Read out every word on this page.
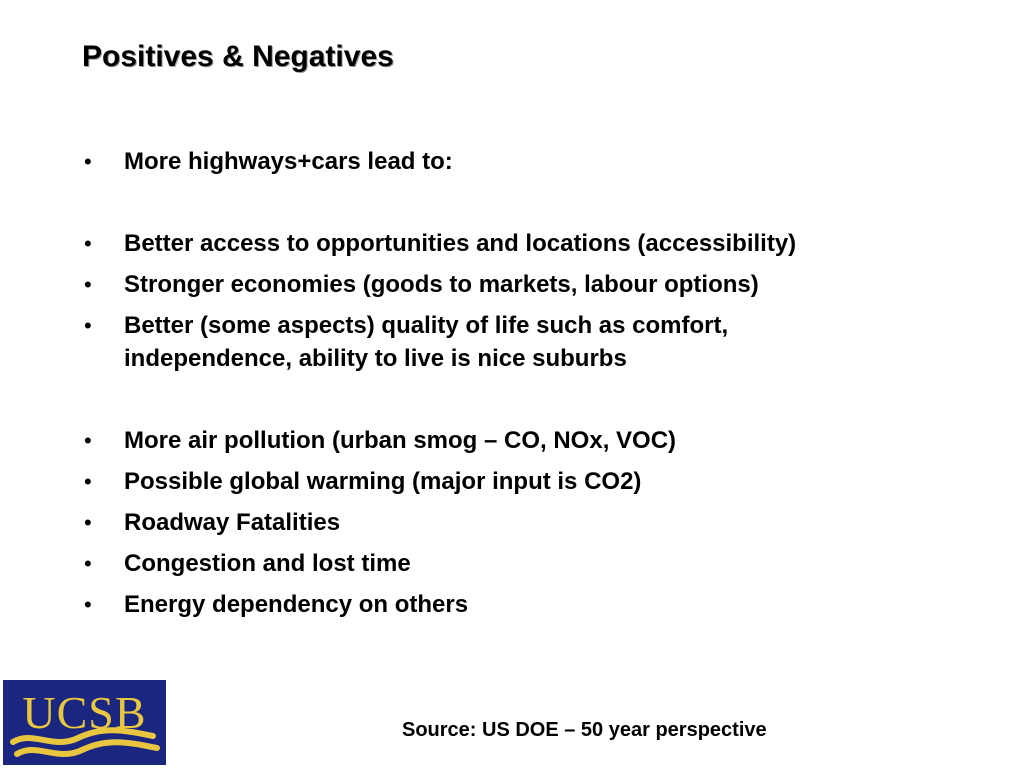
Positives & Negatives
• More highways+cars lead to:
• Better access to opportunities and locations (accessibility)
• Stronger economies (goods to markets, labour options)
• Better (some aspects) quality of life such as comfort, independence, ability to live is nice suburbs
• More air pollution (urban smog – CO, NOx, VOC)
• Possible global warming (major input is CO2)
• Roadway Fatalities
• Congestion and lost time
• Energy dependency on others
UCSB	Source: US DOE – 50 year perspective
